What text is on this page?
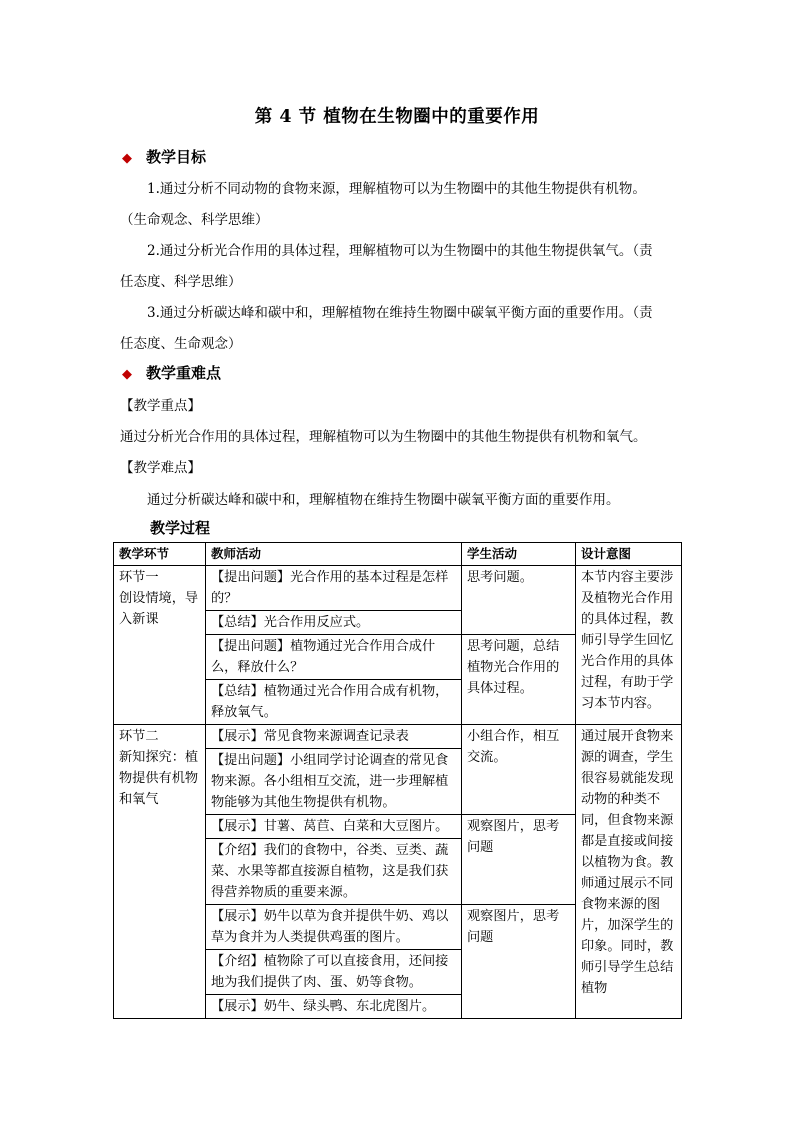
第 4 节 植物在生物圈中的重要作用
◆ 教学目标
1.通过分析不同动物的食物来源，理解植物可以为生物圈中的其他生物提供有机物。
（生命观念、科学思维）
2.通过分析光合作用的具体过程，理解植物可以为生物圈中的其他生物提供氧气。（责
任态度、科学思维）
3.通过分析碳达峰和碳中和，理解植物在维持生物圈中碳氧平衡方面的重要作用。（责
任态度、生命观念）
◆ 教学重难点
【教学重点】
通过分析光合作用的具体过程，理解植物可以为生物圈中的其他生物提供有机物和氧气。
【教学难点】
通过分析碳达峰和碳中和，理解植物在维持生物圈中碳氧平衡方面的重要作用。
教学过程
教学环节	教师活动	学生活动	设计意图
环节一
创设情境，导入新课	【提出问题】光合作用的基本过程是怎样的？	思考问题。	本节内容主要涉及植物光合作用的具体过程，教师引导学生回忆光合作用的具体过程，有助于学习本节内容。
	【总结】光合作用反应式。		
	【提出问题】植物通过光合作用合成什么，释放什么？	思考问题，总结植物光合作用的具体过程。	
	【总结】植物通过光合作用合成有机物，释放氧气。		
环节二
新知探究：植物提供有机物和氧气	【展示】常见食物来源调查记录表	小组合作，相互交流。	通过展开食物来源的调查，学生很容易就能发现动物的种类不同，但食物来源都是直接或间接以植物为食。教师通过展示不同食物来源的图片，加深学生的印象。同时，教师引导学生总结植物
	【提出问题】小组同学讨论调查的常见食物来源。各小组相互交流，进一步理解植物能够为其他生物提供有机物。		
	【展示】甘薯、莴苣、白菜和大豆图片。	观察图片，思考问题	
	【介绍】我们的食物中，谷类、豆类、蔬菜、水果等都直接源自植物，这是我们获得营养物质的重要来源。		
	【展示】奶牛以草为食并提供牛奶、鸡以草为食并为人类提供鸡蛋的图片。	观察图片，思考问题	
	【介绍】植物除了可以直接食用，还间接地为我们提供了肉、蛋、奶等食物。		
	【展示】奶牛、绿头鸭、东北虎图片。		
